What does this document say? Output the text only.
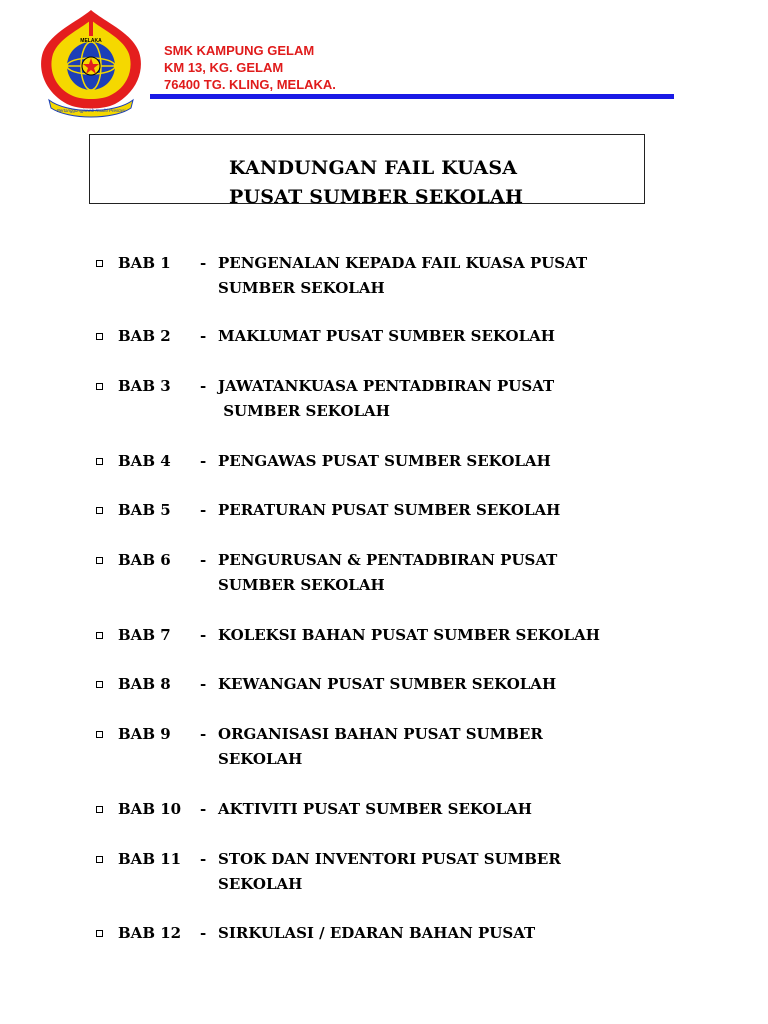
MELAKA
Bertanggungjawab Kualiti Prestasi
SMK KAMPUNG GELAM
KM 13, KG. GELAM
76400 TG. KLING, MELAKA.
KANDUNGAN FAIL KUASA
PUSAT SUMBER SEKOLAH
BAB 1 - PENGENALAN KEPADA FAIL KUASA PUSAT
SUMBER SEKOLAH
BAB 2 - MAKLUMAT PUSAT SUMBER SEKOLAH
BAB 3 - JAWATANKUASA PENTADBIRAN PUSAT
SUMBER SEKOLAH
BAB 4 - PENGAWAS PUSAT SUMBER SEKOLAH
BAB 5 - PERATURAN PUSAT SUMBER SEKOLAH
BAB 6 - PENGURUSAN & PENTADBIRAN PUSAT
SUMBER SEKOLAH
BAB 7 - KOLEKSI BAHAN PUSAT SUMBER SEKOLAH
BAB 8 - KEWANGAN PUSAT SUMBER SEKOLAH
BAB 9 - ORGANISASI BAHAN PUSAT SUMBER
SEKOLAH
BAB 10 - AKTIVITI PUSAT SUMBER SEKOLAH
BAB 11 - STOK DAN INVENTORI PUSAT SUMBER
SEKOLAH
BAB 12 - SIRKULASI / EDARAN BAHAN PUSAT
